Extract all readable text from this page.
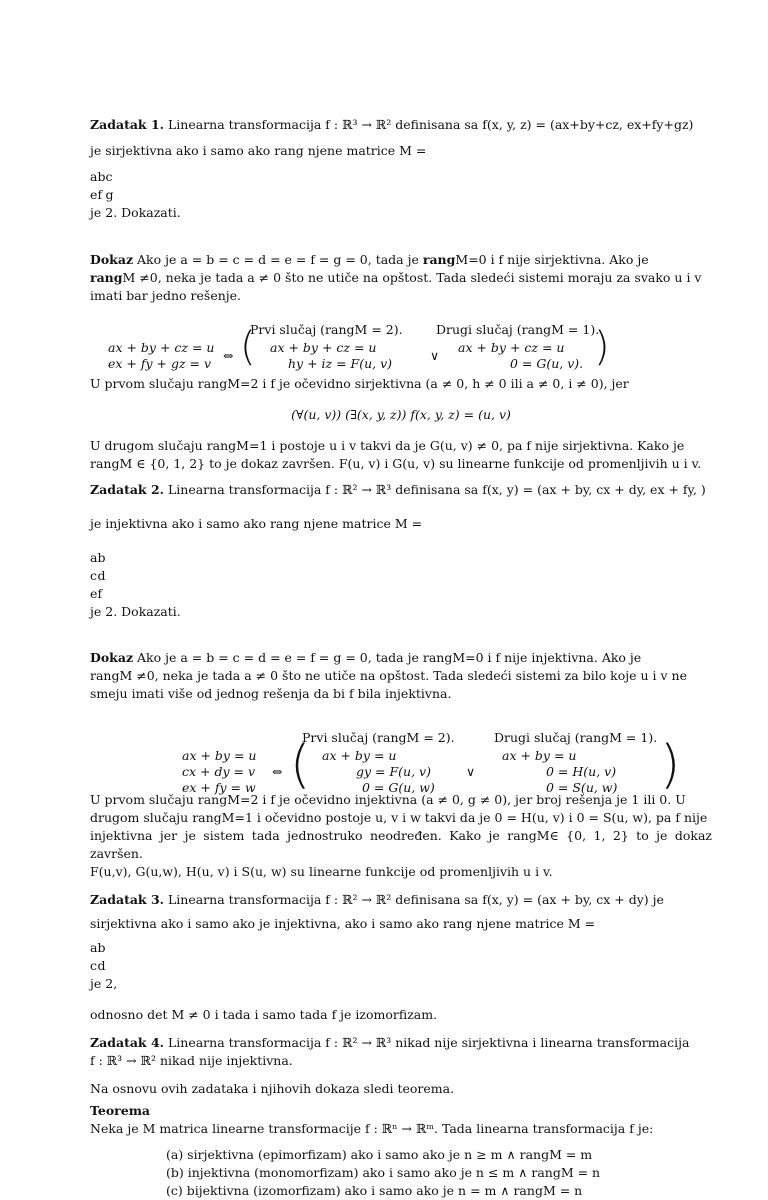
Zadatak 1. Linearna transformacija f : ℝ³ → ℝ² definisana sa f(x, y, z) = (ax+by+cz, ex+fy+gz)

je sirjektivna ako i samo ako rang njene matrice M =

a	b	c
e	f	g
je 2. Dokazati.

Dokaz Ako je a = b = c = d = e = f = g = 0, tada je rangM=0 i f nije sirjektivna. Ako je

rangM ≠0, neka je tada a ≠ 0 što ne utiče na opštost. Tada sledeći sistemi moraju za svako u i v

imati bar jedno rešenje.

Prvi slučaj (rangM = 2).	Drugi slučaj (rangM = 1).
ax + by + cz = u
ex + fy + gz = v
⇔ ( ax + by + cz = u
hy + iz = F(u, v)
∨
ax + by + cz = u
0 = G(u, v). )

U prvom slučaju rangM=2 i f je očevidno sirjektivna (a ≠ 0, h ≠ 0 ili a ≠ 0, i ≠ 0), jer

(∀(u, v)) (∃(x, y, z)) f(x, y, z) = (u, v)

U drugom slučaju rangM=1 i postoje u i v takvi da je G(u, v) ≠ 0, pa f nije sirjektivna. Kako je

rangM ∈ {0, 1, 2} to je dokaz završen. F(u, v) i G(u, v) su linearne funkcije od promenljivih u i v.

Zadatak 2. Linearna transformacija f : ℝ² → ℝ³ definisana sa f(x, y) = (ax + by, cx + dy, ex + fy, )

je injektivna ako i samo ako rang njene matrice M =

a	b
c	d
e	f
je 2. Dokazati.

Dokaz Ako je a = b = c = d = e = f = g = 0, tada je rangM=0 i f nije injektivna. Ako je

rangM ≠0, neka je tada a ≠ 0 što ne utiče na opštost. Tada sledeći sistemi za bilo koje u i v ne

smeju imati više od jednog rešenja da bi f bila injektivna.

Prvi slučaj (rangM = 2).	Drugi slučaj (rangM = 1).
ax + by = u
cx + dy = v
ex + fy = w
⇔ ( ax + by = u
gy = F(u, v)
0 = G(u, w)
∨
ax + by = u
0 = H(u, v)
0 = S(u, w) )

U prvom slučaju rangM=2 i f je očevidno injektivna (a ≠ 0, g ≠ 0), jer broj rešenja je 1 ili 0. U

drugom slučaju rangM=1 i očevidno postoje u, v i w takvi da je 0 = H(u, v) i 0 = S(u, w), pa f nije

injektivna jer je sistem tada jednostruko neodređen. Kako je rangM∈ {0, 1, 2} to je dokaz završen.

F(u,v), G(u,w), H(u, v) i S(u, w) su linearne funkcije od promenljivih u i v.

Zadatak 3. Linearna transformacija f : ℝ² → ℝ² definisana sa f(x, y) = (ax + by, cx + dy) je

sirjektivna ako i samo ako je injektivna, ako i samo ako rang njene matrice M =

a	b
c	d
je 2,

odnosno det M ≠ 0 i tada i samo tada f je izomorfizam.

Zadatak 4. Linearna transformacija f : ℝ² → ℝ³ nikad nije sirjektivna i linearna transformacija

f : ℝ³ → ℝ² nikad nije injektivna.

Na osnovu ovih zadataka i njihovih dokaza sledi teorema.

Teorema

Neka je M matrica linearne transformacije f : ℝⁿ → ℝᵐ. Tada linearna transformacija f je:

(a) sirjektivna (epimorfizam) ako i samo ako je n ≥ m ∧ rangM = m
(b) injektivna (monomorfizam) ako i samo ako je n ≤ m ∧ rangM = n
(c) bijektivna (izomorfizam) ako i samo ako je n = m ∧ rangM = n
